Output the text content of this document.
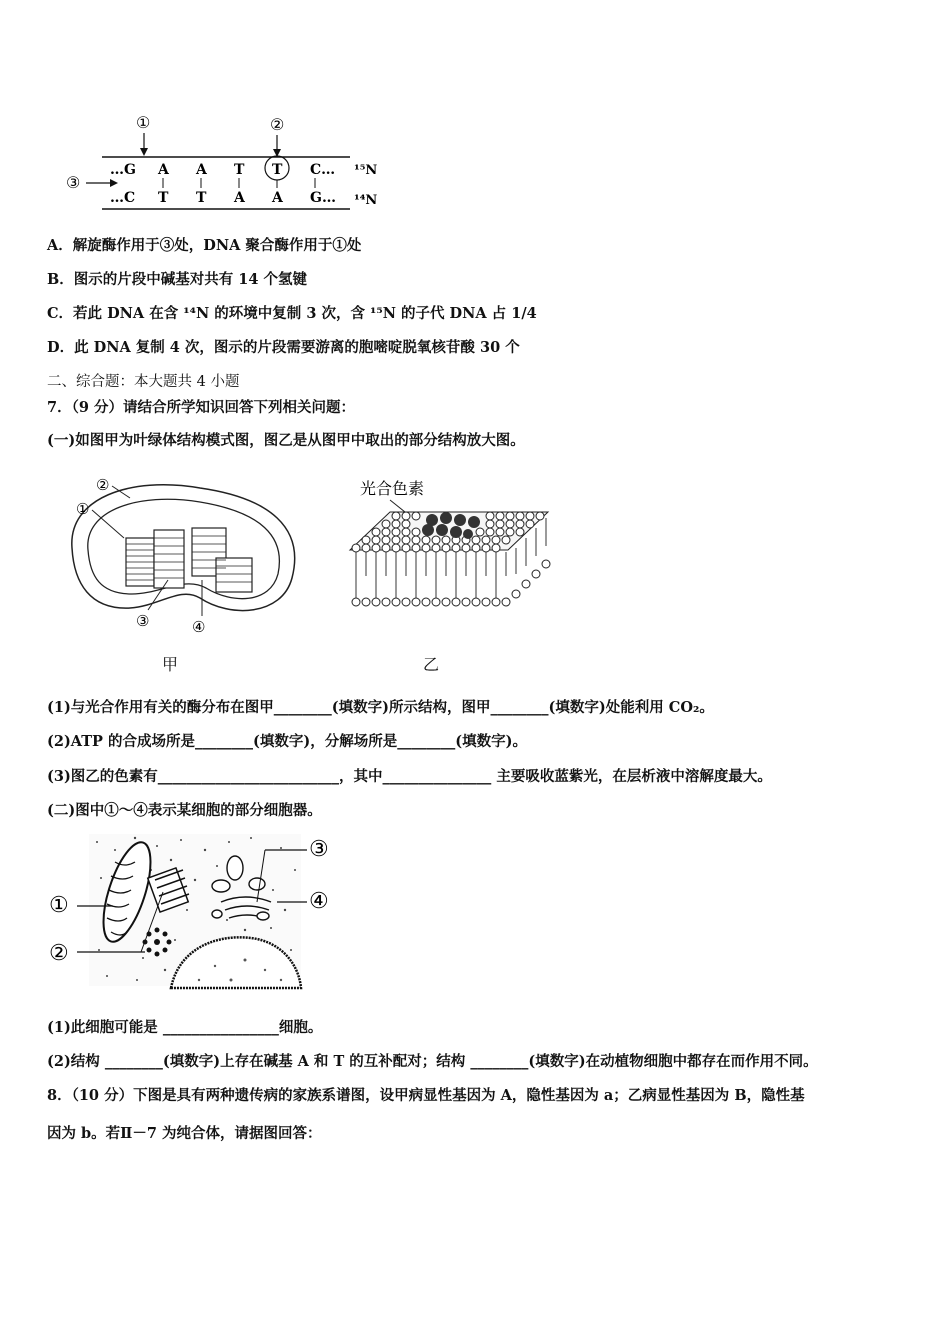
①	②
…G A A T T C…
…C T T A A G…
③
¹⁵N
¹⁴N
A．解旋酶作用于③处，DNA 聚合酶作用于①处
B．图示的片段中碱基对共有 14 个氢键
C．若此 DNA 在含 ¹⁴N 的环境中复制 3 次，含 ¹⁵N 的子代 DNA 占 1/4
D．此 DNA 复制 4 次，图示的片段需要游离的胞嘧啶脱氧核苷酸 30 个
二、综合题：本大题共 4 小题
7．（9 分）请结合所学知识回答下列相关问题：
(一)如图甲为叶绿体结构模式图，图乙是从图甲中取出的部分结构放大图。
②
①
③	④
甲
光合色素
乙
(1)与光合作用有关的酶分布在图甲________(填数字)所示结构，图甲________(填数字)处能利用 CO₂。
(2)ATP 的合成场所是________(填数字)，分解场所是________(填数字)。
(3)图乙的色素有_________________________，其中_______________ 主要吸收蓝紫光，在层析液中溶解度最大。
(二)图中①～④表示某细胞的部分细胞器。
①
②
③
④
(1)此细胞可能是 ________________细胞。
(2)结构 ________(填数字)上存在碱基 A 和 T 的互补配对；结构 ________(填数字)在动植物细胞中都存在而作用不同。
8．（10 分）下图是具有两种遗传病的家族系谱图，设甲病显性基因为 A，隐性基因为 a；乙病显性基因为 B，隐性基
因为 b。若Ⅱ－7 为纯合体，请据图回答：
